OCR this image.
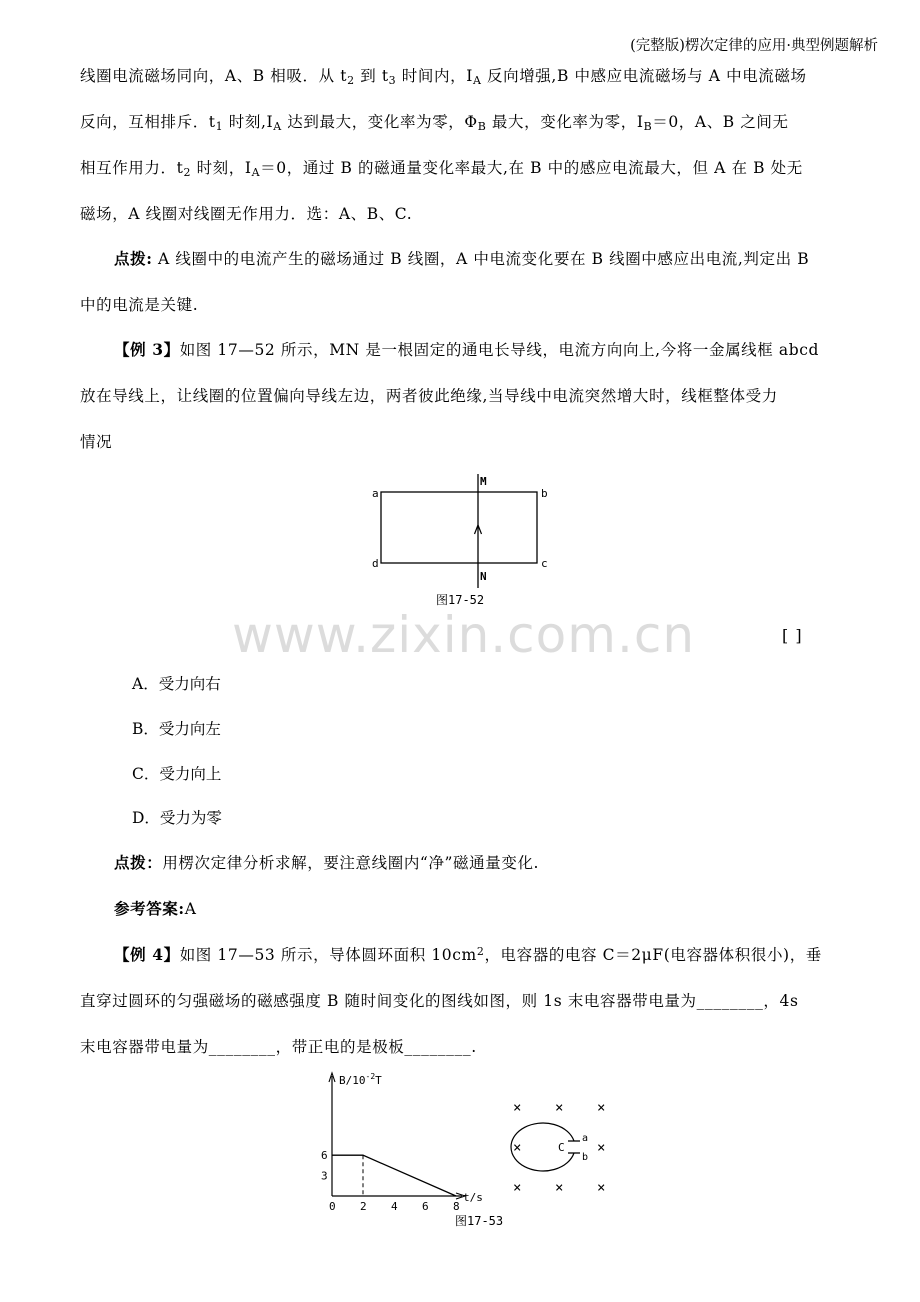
(完整版)楞次定律的应用·典型例题解析
线圈电流磁场同向，A、B 相吸．从 $t_2$ 到 $t_3$ 时间内，$I_A$ 反向增强,B 中感应电流磁场与 A 中电流磁场
反向，互相排斥．$t_1$ 时刻$,I_A$ 达到最大，变化率为零，$\Phi_B$ 最大，变化率为零，$I_B=0$，A、B 之间无
相互作用力．$t_2$ 时刻，$I_A=0$，通过 B 的磁通量变化率最大,在 B 中的感应电流最大，但 A 在 B 处无
磁场，A 线圈对线圈无作用力．选：A、B、C.
点拨: A 线圈中的电流产生的磁场通过 B 线圈，A 中电流变化要在 B 线圈中感应出电流,判定出 B
中的电流是关键.
【例 3】如图 17—52 所示，MN 是一根固定的通电长导线，电流方向向上,今将一金属线框 abcd
放在导线上，让线圈的位置偏向导线左边，两者彼此绝缘,当导线中电流突然增大时，线框整体受力
情况
a	b
c
d
M
N
图17-52
www.zixin.com.cn	[ ]
A．受力向右
B．受力向左
C．受力向上
D．受力为零
点拨：用楞次定律分析求解，要注意线圈内“净”磁通量变化.
参考答案:A
【例 4】如图 17—53 所示，导体圆环面积 $10cm^2$，电容器的电容 C＝2μF(电容器体积很小)，垂
直穿过圆环的匀强磁场的磁感强度 B 随时间变化的图线如图，则 1s 末电容器带电量为________，4s
末电容器带电量为________，带正电的是极板________.
$B/10^{-2}T$
t/s
3
6
0 2 4 6 8
图17-53
× × ×
×	×
× × ×
C
a
b
